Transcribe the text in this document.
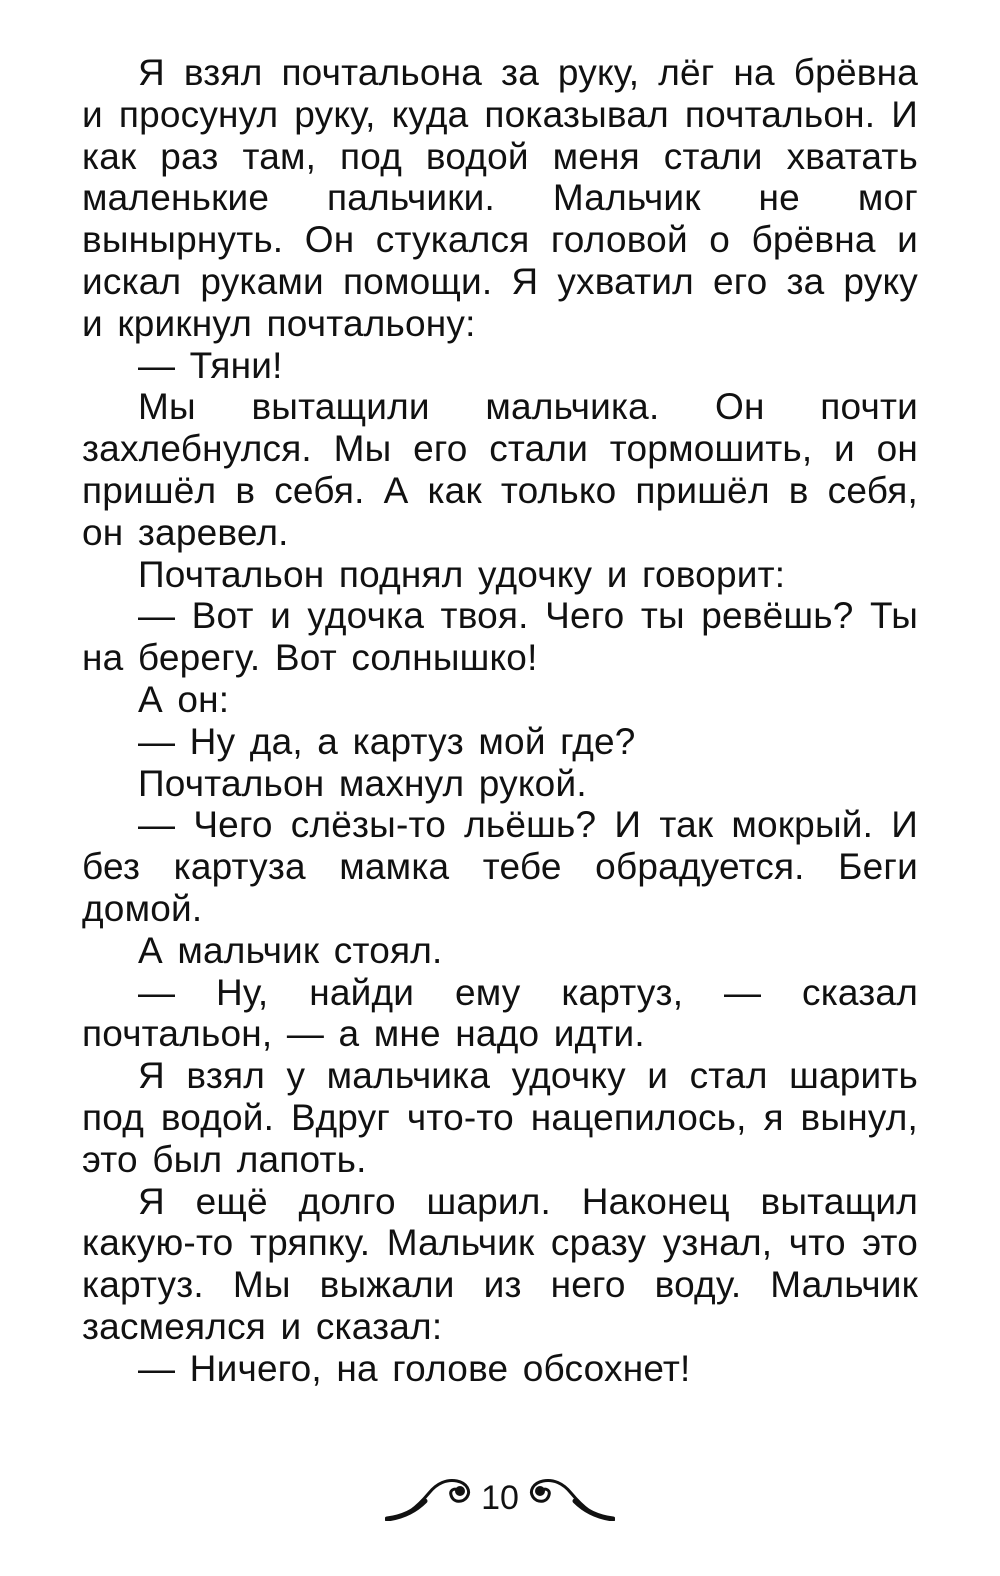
Я взял почтальона за руку, лёг на брёвна и просунул руку, куда показывал почтальон. И как раз там, под водой меня стали хватать маленькие пальчики. Мальчик не мог вынырнуть. Он стукался головой о брёвна и искал руками помощи. Я ухватил его за руку и крикнул почтальону:

— Тяни!

Мы вытащили мальчика. Он почти захлебнулся. Мы его стали тормошить, и он пришёл в себя. А как только пришёл в себя, он заревел.

Почтальон поднял удочку и говорит:

— Вот и удочка твоя. Чего ты ревёшь? Ты на берегу. Вот солнышко!

А он:

— Ну да, а картуз мой где?

Почтальон махнул рукой.

— Чего слёзы-то льёшь? И так мокрый. И без картуза мамка тебе обрадуется. Беги домой.

А мальчик стоял.

— Ну, найди ему картуз, — сказал почтальон, — а мне надо идти.

Я взял у мальчика удочку и стал шарить под водой. Вдруг что-то нацепилось, я вынул, это был лапоть.

Я ещё долго шарил. Наконец вытащил какую-то тряпку. Мальчик сразу узнал, что это картуз. Мы выжали из него воду. Мальчик засмеялся и сказал:

— Ничего, на голове обсохнет!

10
